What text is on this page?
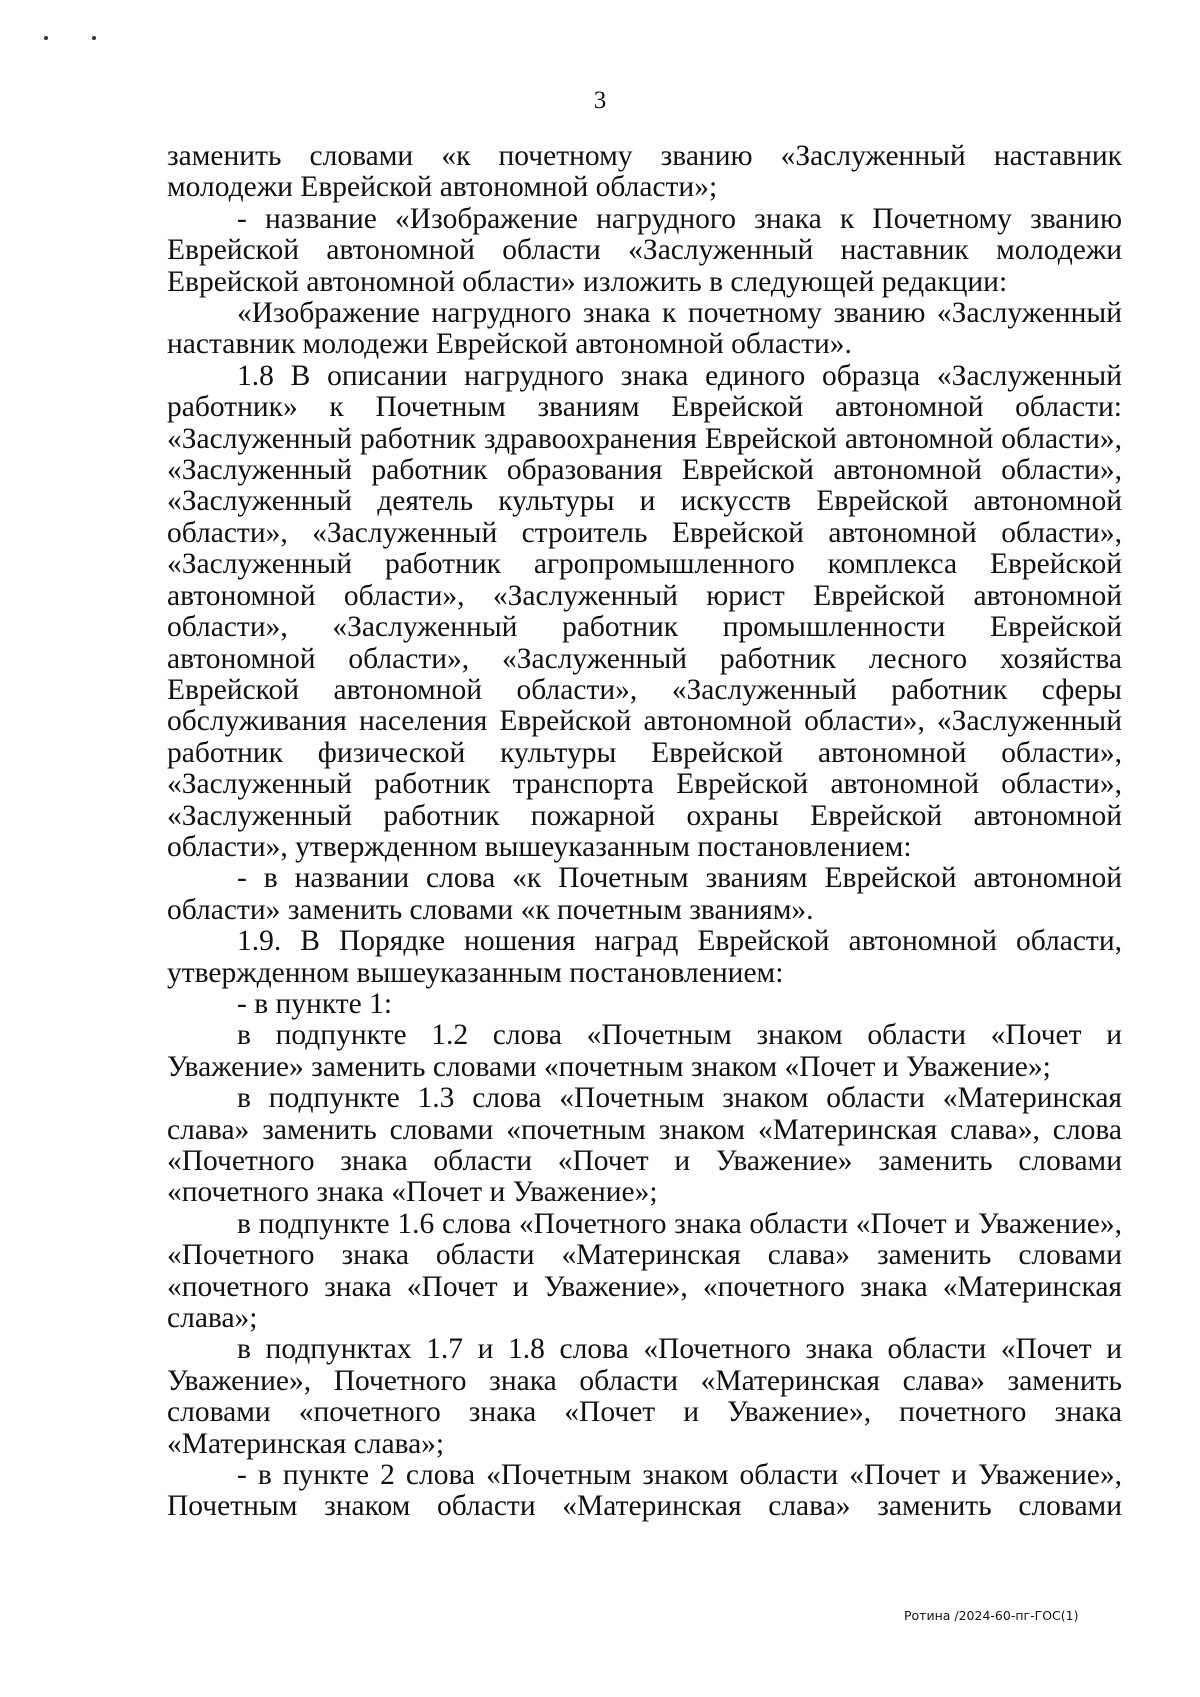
3

заменить словами «к почетному званию «Заслуженный наставник молодежи Еврейской автономной области»;

- название «Изображение нагрудного знака к Почетному званию Еврейской автономной области «Заслуженный наставник молодежи Еврейской автономной области» изложить в следующей редакции:

«Изображение нагрудного знака к почетному званию «Заслуженный наставник молодежи Еврейской автономной области».

1.8 В описании нагрудного знака единого образца «Заслуженный работник» к Почетным званиям Еврейской автономной области: «Заслуженный работник здравоохранения Еврейской автономной области», «Заслуженный работник образования Еврейской автономной области», «Заслуженный деятель культуры и искусств Еврейской автономной области», «Заслуженный строитель Еврейской автономной области», «Заслуженный работник агропромышленного комплекса Еврейской автономной области», «Заслуженный юрист Еврейской автономной области», «Заслуженный работник промышленности Еврейской автономной области», «Заслуженный работник лесного хозяйства Еврейской автономной области», «Заслуженный работник сферы обслуживания населения Еврейской автономной области», «Заслуженный работник физической культуры Еврейской автономной области», «Заслуженный работник транспорта Еврейской автономной области», «Заслуженный работник пожарной охраны Еврейской автономной области», утвержденном вышеуказанным постановлением:

- в названии слова «к Почетным званиям Еврейской автономной области» заменить словами «к почетным званиям».

1.9. В Порядке ношения наград Еврейской автономной области, утвержденном вышеуказанным постановлением:

- в пункте 1:

в подпункте 1.2 слова «Почетным знаком области «Почет и Уважение» заменить словами «почетным знаком «Почет и Уважение»;

в подпункте 1.3 слова «Почетным знаком области «Материнская слава» заменить словами «почетным знаком «Материнская слава», слова «Почетного знака области «Почет и Уважение» заменить словами «почетного знака «Почет и Уважение»;

в подпункте 1.6 слова «Почетного знака области «Почет и Уважение», «Почетного знака области «Материнская слава» заменить словами «почетного знака «Почет и Уважение», «почетного знака «Материнская слава»;

в подпунктах 1.7 и 1.8 слова «Почетного знака области «Почет и Уважение», Почетного знака области «Материнская слава» заменить словами «почетного знака «Почет и Уважение», почетного знака «Материнская слава»;

- в пункте 2 слова «Почетным знаком области «Почет и Уважение», Почетным знаком области «Материнская слава» заменить словами

Ротина /2024-60-пг-ГОС(1)
